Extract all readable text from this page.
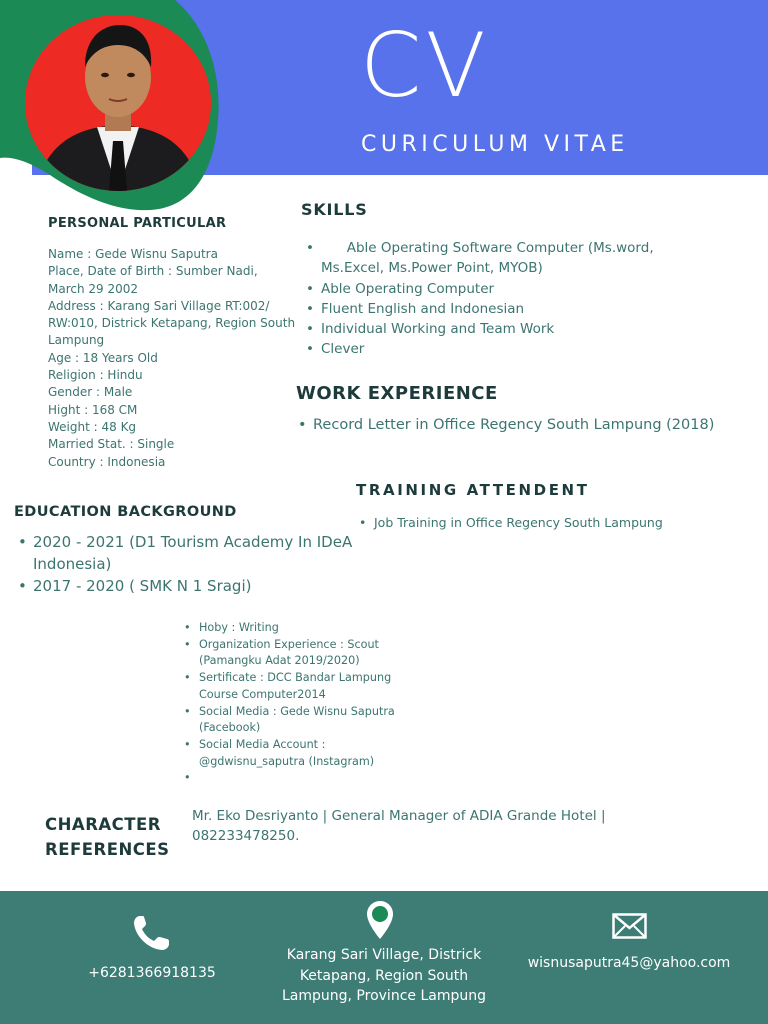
CV
CURICULUM VITAE
PERSONAL PARTICULAR
Name : Gede Wisnu Saputra
Place, Date of Birth : Sumber Nadi, March 29 2002
Address : Karang Sari Village RT:002/ RW:010, Districk Ketapang, Region South Lampung
Age : 18 Years Old
Religion : Hindu
Gender : Male
Hight : 168 CM
Weight : 48 Kg
Married Stat. : Single
Country : Indonesia
SKILLS
•       Able Operating Software Computer (Ms.word, Ms.Excel, Ms.Power Point, MYOB)
• Able Operating Computer
• Fluent English and Indonesian
• Individual Working and Team Work
• Clever
WORK EXPERIENCE
• Record Letter in Office Regency South Lampung (2018)
TRAINING ATTENDENT
• Job Training in Office Regency South Lampung
EDUCATION BACKGROUND
• 2020 - 2021 (D1 Tourism Academy In IDeA Indonesia)
• 2017 - 2020 ( SMK N 1 Sragi)
• Hoby : Writing
• Organization Experience : Scout (Pamangku Adat 2019/2020)
• Sertificate : DCC Bandar Lampung Course Computer2014
• Social Media : Gede Wisnu Saputra (Facebook)
• Social Media Account : @gdwisnu_saputra (Instagram)
•
CHARACTER REFERENCES
Mr. Eko Desriyanto | General Manager of ADIA Grande Hotel | 082233478250.
+6281366918135
Karang Sari Village, Districk Ketapang, Region South Lampung, Province Lampung
wisnusaputra45@yahoo.com
